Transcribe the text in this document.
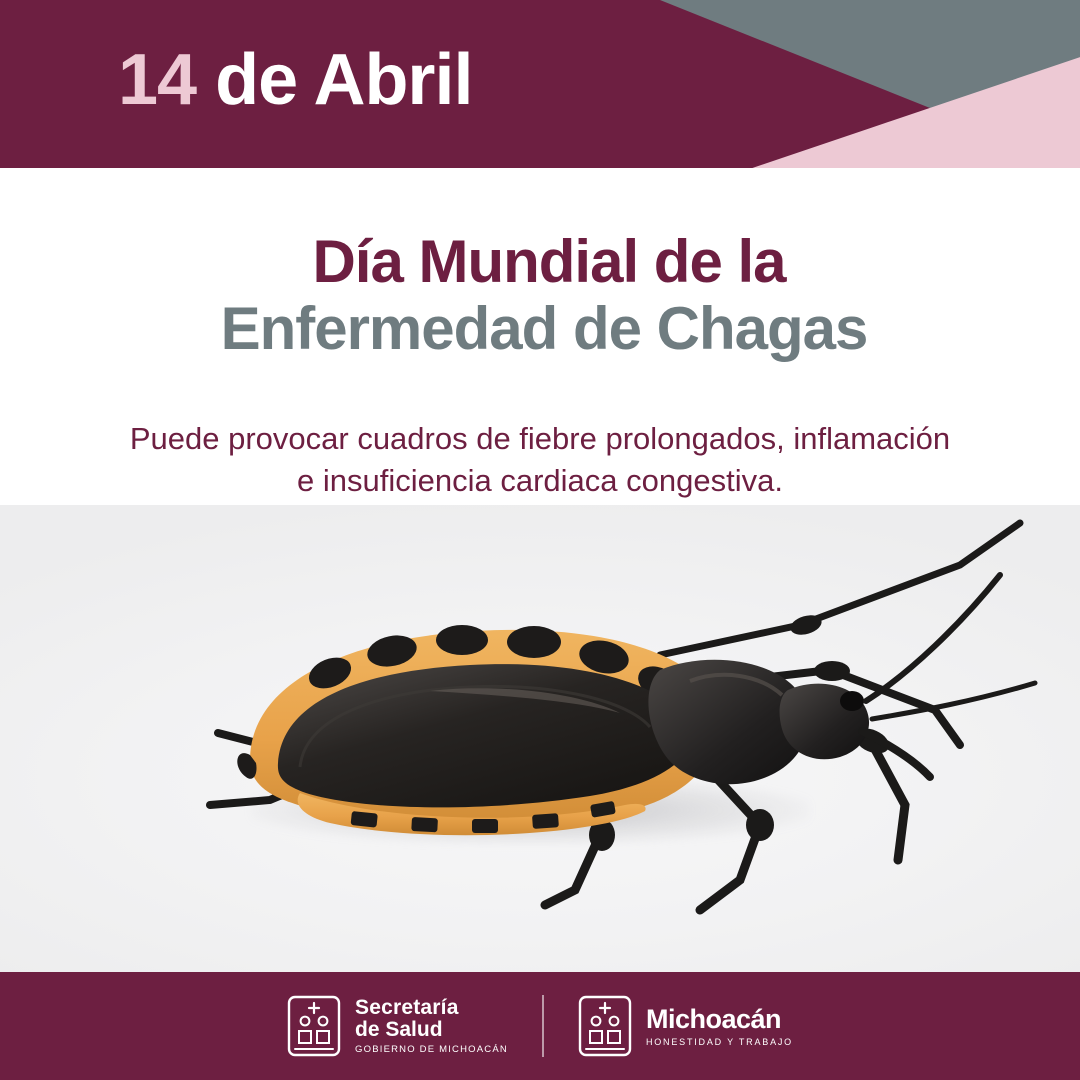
14 de Abril
Día Mundial de la
Enfermedad de Chagas
Puede provocar cuadros de fiebre prolongados, inflamación e insuficiencia cardiaca congestiva.
Secretaría
de Salud
GOBIERNO DE MICHOACÁN
Michoacán
HONESTIDAD Y TRABAJO
